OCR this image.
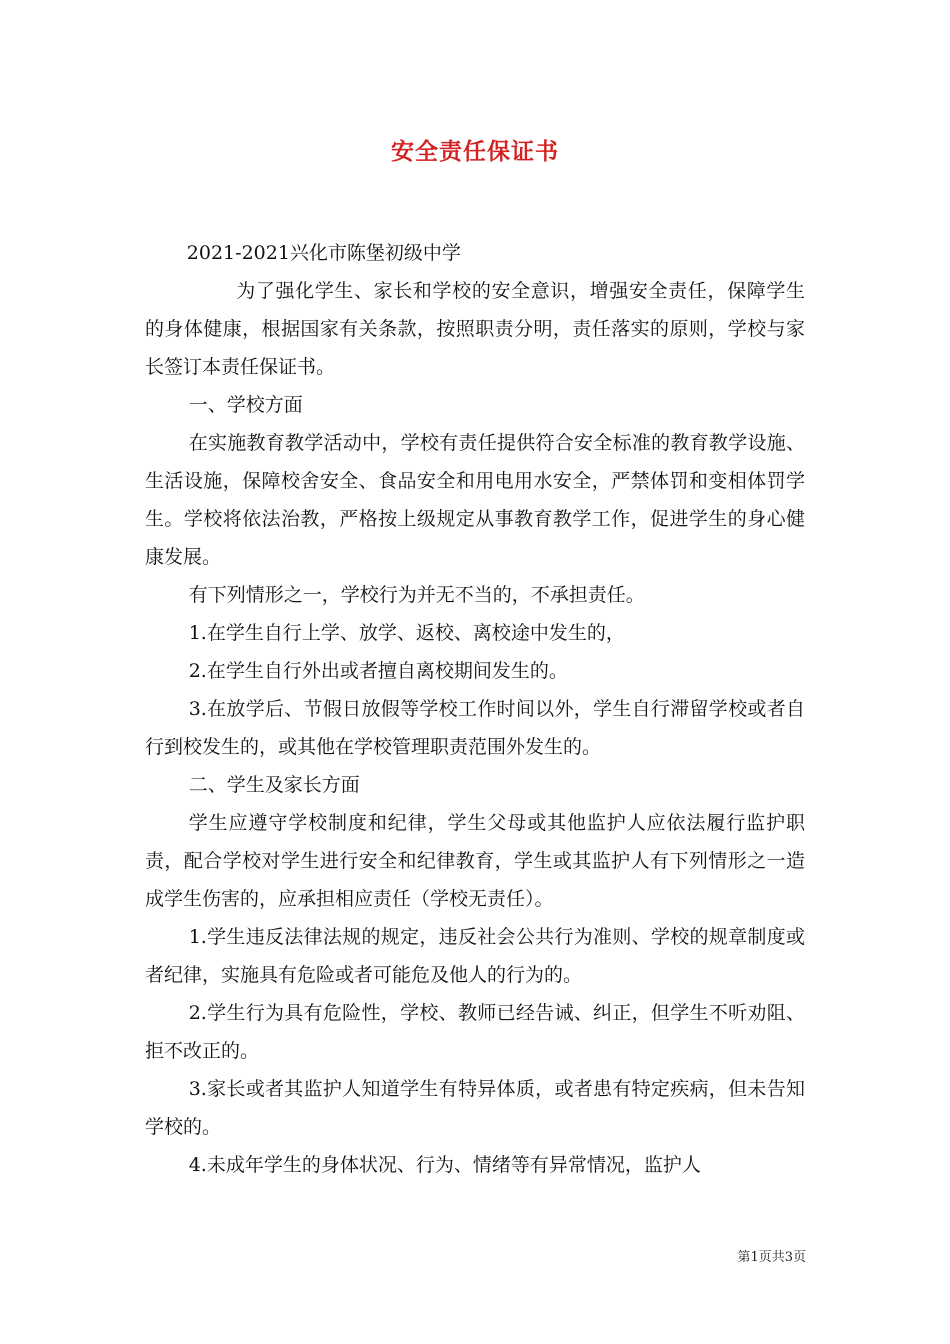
安全责任保证书

2021-2021兴化市陈堡初级中学

为了强化学生、家长和学校的安全意识，增强安全责任，保障学生的身体健康，根据国家有关条款，按照职责分明，责任落实的原则，学校与家长签订本责任保证书。

一、学校方面

在实施教育教学活动中，学校有责任提供符合安全标准的教育教学设施、生活设施，保障校舍安全、食品安全和用电用水安全，严禁体罚和变相体罚学生。学校将依法治教，严格按上级规定从事教育教学工作，促进学生的身心健康发展。

有下列情形之一，学校行为并无不当的，不承担责任。

1.在学生自行上学、放学、返校、离校途中发生的，

2.在学生自行外出或者擅自离校期间发生的。

3.在放学后、节假日放假等学校工作时间以外，学生自行滞留学校或者自行到校发生的，或其他在学校管理职责范围外发生的。

二、学生及家长方面

学生应遵守学校制度和纪律，学生父母或其他监护人应依法履行监护职责，配合学校对学生进行安全和纪律教育，学生或其监护人有下列情形之一造成学生伤害的，应承担相应责任（学校无责任）。

1.学生违反法律法规的规定，违反社会公共行为准则、学校的规章制度或者纪律，实施具有危险或者可能危及他人的行为的。

2.学生行为具有危险性，学校、教师已经告诫、纠正，但学生不听劝阻、拒不改正的。

3.家长或者其监护人知道学生有特异体质，或者患有特定疾病，但未告知学校的。

4.未成年学生的身体状况、行为、情绪等有异常情况，监护人

第1页共3页
